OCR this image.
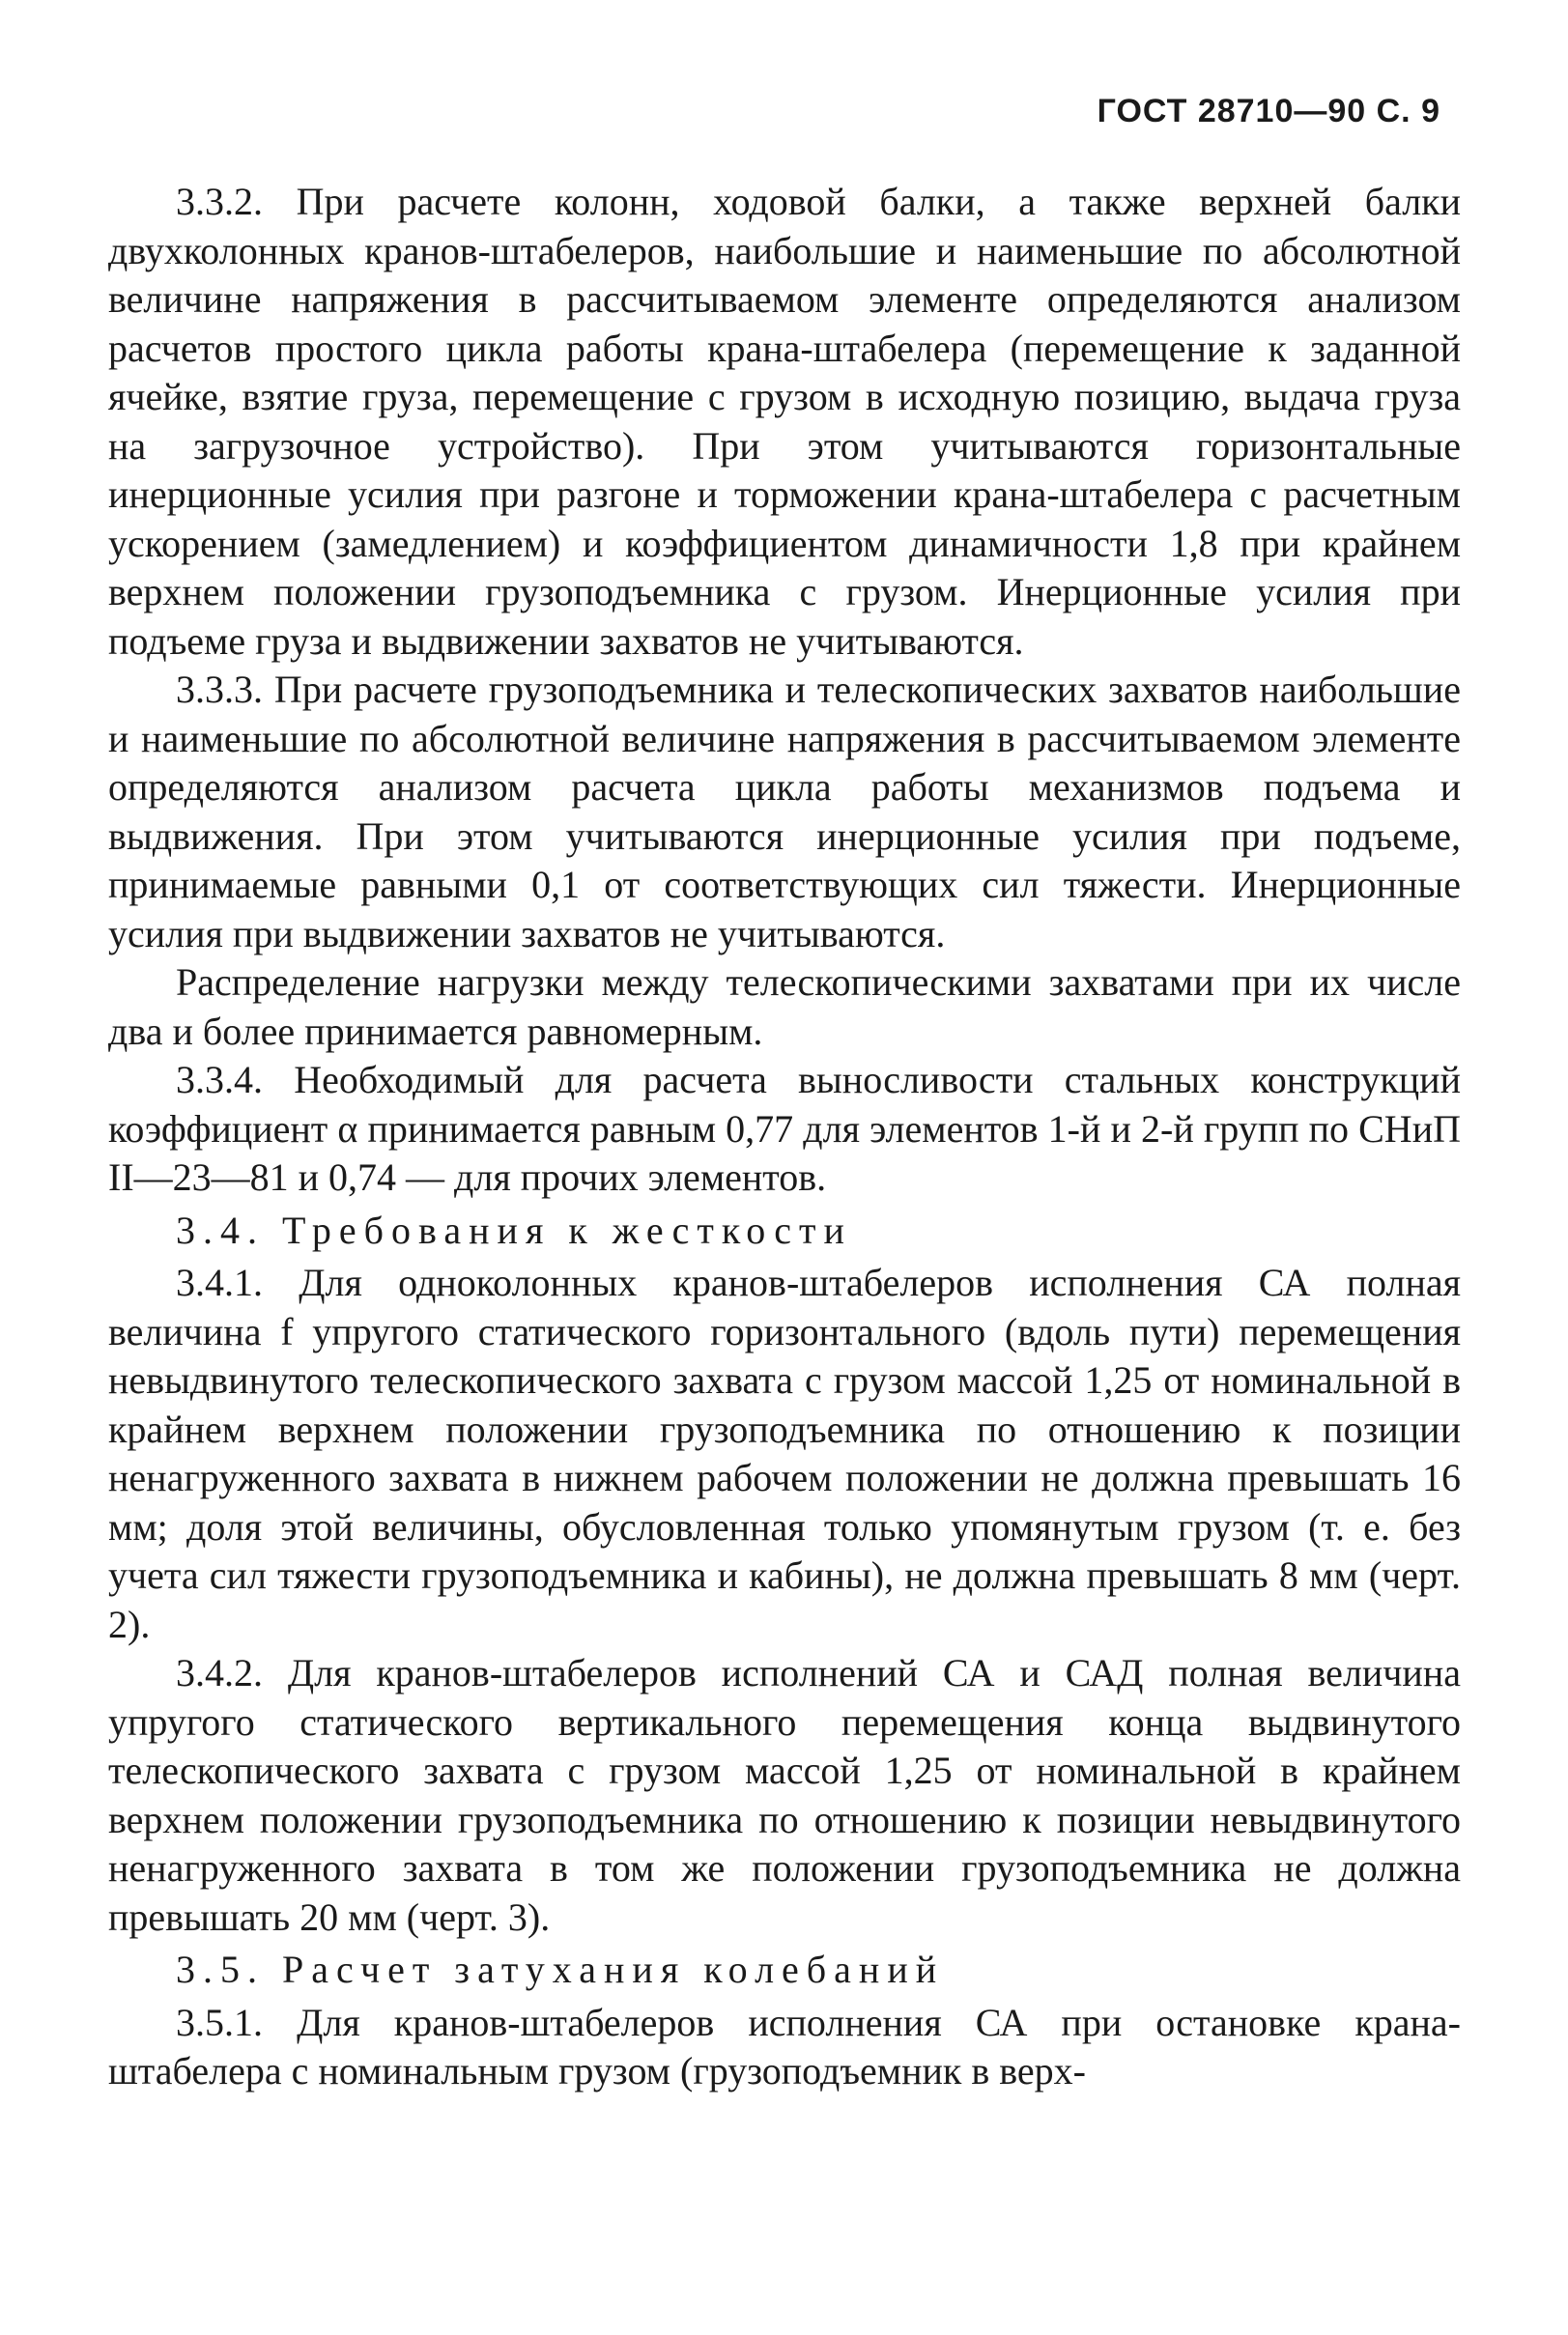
ГОСТ 28710—90 С. 9

3.3.2. При расчете колонн, ходовой балки, а также верхней балки двухколонных кранов-штабелеров, наибольшие и наименьшие по абсолютной величине напряжения в рассчитываемом элементе определяются анализом расчетов простого цикла работы крана-штабелера (перемещение к заданной ячейке, взятие груза, перемещение с грузом в исходную позицию, выдача груза на загрузочное устройство). При этом учитываются горизонтальные инерционные усилия при разгоне и торможении крана-штабелера с расчетным ускорением (замедлением) и коэффициентом динамичности 1,8 при крайнем верхнем положении грузоподъемника с грузом. Инерционные усилия при подъеме груза и выдвижении захватов не учитываются.

3.3.3. При расчете грузоподъемника и телескопических захватов наибольшие и наименьшие по абсолютной величине напряжения в рассчитываемом элементе определяются анализом расчета цикла работы механизмов подъема и выдвижения. При этом учитываются инерционные усилия при подъеме, принимаемые равными 0,1 от соответствующих сил тяжести. Инерционные усилия при выдвижении захватов не учитываются.

Распределение нагрузки между телескопическими захватами при их числе два и более принимается равномерным.

3.3.4. Необходимый для расчета выносливости стальных конструкций коэффициент α принимается равным 0,77 для элементов 1-й и 2-й групп по СНиП II—23—81 и 0,74 — для прочих элементов.

3.4. Требования к жесткости

3.4.1. Для одноколонных кранов-штабелеров исполнения СА полная величина f упругого статического горизонтального (вдоль пути) перемещения невыдвинутого телескопического захвата с грузом массой 1,25 от номинальной в крайнем верхнем положении грузоподъемника по отношению к позиции ненагруженного захвата в нижнем рабочем положении не должна превышать 16 мм; доля этой величины, обусловленная только упомянутым грузом (т. е. без учета сил тяжести грузоподъемника и кабины), не должна превышать 8 мм (черт. 2).

3.4.2. Для кранов-штабелеров исполнений СА и САД полная величина упругого статического вертикального перемещения конца выдвинутого телескопического захвата с грузом массой 1,25 от номинальной в крайнем верхнем положении грузоподъемника по отношению к позиции невыдвинутого ненагруженного захвата в том же положении грузоподъемника не должна превышать 20 мм (черт. 3).

3.5. Расчет затухания колебаний

3.5.1. Для кранов-штабелеров исполнения СА при остановке крана-штабелера с номинальным грузом (грузоподъемник в верх-
